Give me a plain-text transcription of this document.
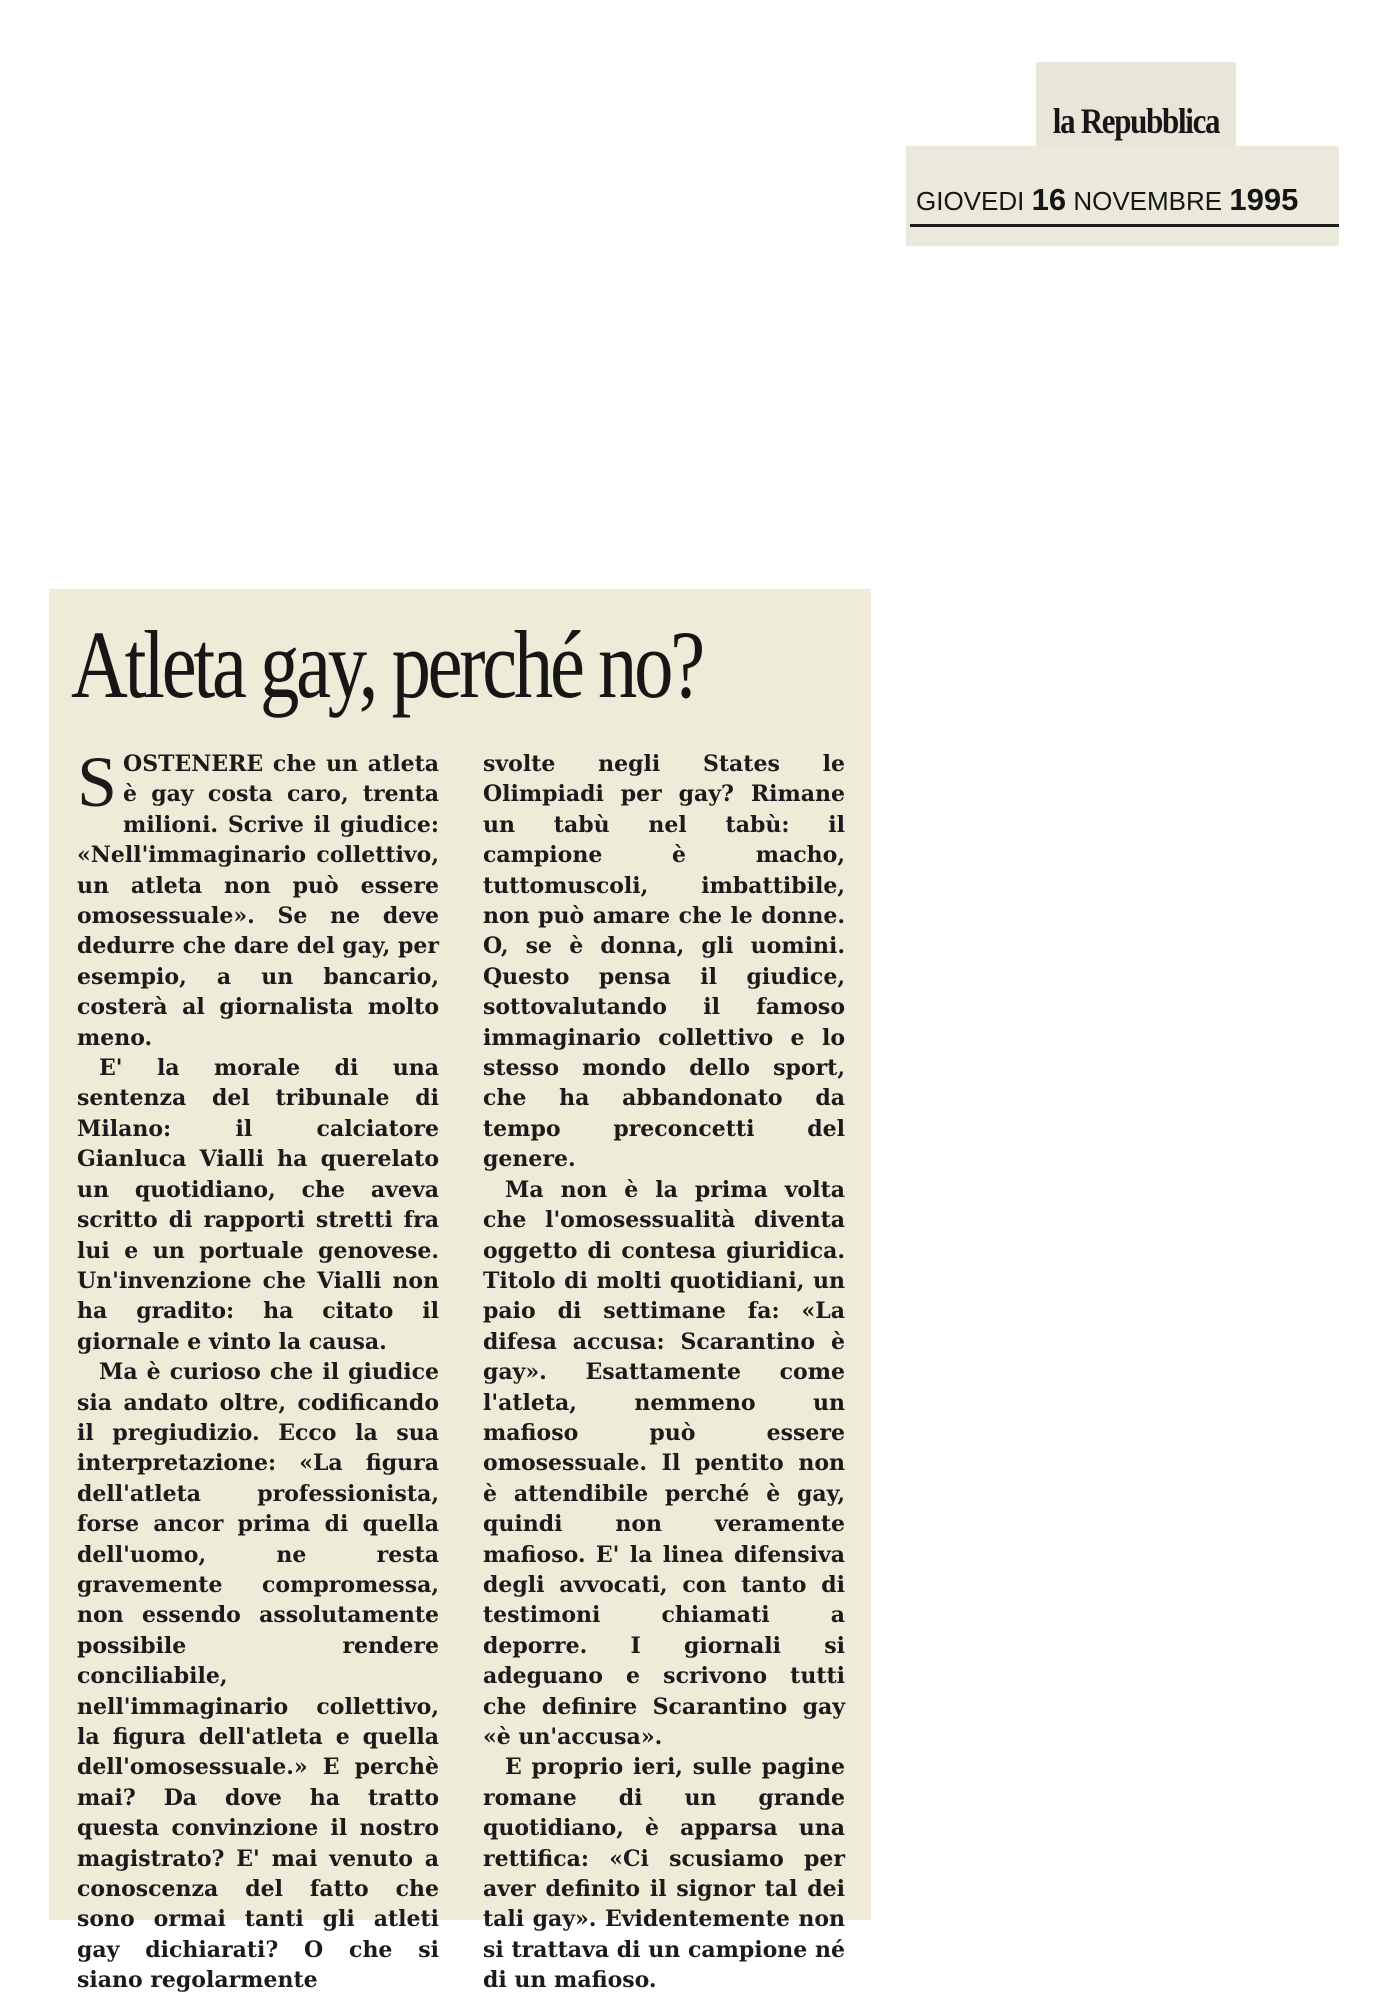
la Repubblica
GIOVEDI 16 NOVEMBRE 1995
Atleta gay, perché no?

SOSTENERE che un atleta è gay costa caro, trenta milioni. Scrive il giudice: «Nell'immaginario collettivo, un atleta non può essere omosessuale». Se ne deve dedurre che dare del gay, per esempio, a un bancario, costerà al giornalista molto meno.

E' la morale di una sentenza del tribunale di Milano: il calciatore Gianluca Vialli ha querelato un quotidiano, che aveva scritto di rapporti stretti fra lui e un portuale genovese. Un'invenzione che Vialli non ha gradito: ha citato il giornale e vinto la causa.

Ma è curioso che il giudice sia andato oltre, codificando il pregiudizio. Ecco la sua interpretazione: «La figura dell'atleta professionista, forse ancor prima di quella dell'uomo, ne resta gravemente compromessa, non essendo assolutamente possibile rendere conciliabile, nell'immaginario collettivo, la figura dell'atleta e quella dell'omosessuale.» E perchè mai? Da dove ha tratto questa convinzione il nostro magistrato? E' mai venuto a conoscenza del fatto che sono ormai tanti gli atleti gay dichiarati? O che si siano regolarmente

svolte negli States le Olimpiadi per gay? Rimane un tabù nel tabù: il campione è macho, tuttomuscoli, imbattibile, non può amare che le donne. O, se è donna, gli uomini. Questo pensa il giudice, sottovalutando il famoso immaginario collettivo e lo stesso mondo dello sport, che ha abbandonato da tempo preconcetti del genere.

Ma non è la prima volta che l'omosessualità diventa oggetto di contesa giuridica. Titolo di molti quotidiani, un paio di settimane fa: «La difesa accusa: Scarantino è gay». Esattamente come l'atleta, nemmeno un mafioso può essere omosessuale. Il pentito non è attendibile perché è gay, quindi non veramente mafioso. E' la linea difensiva degli avvocati, con tanto di testimoni chiamati a deporre. I giornali si adeguano e scrivono tutti che definire Scarantino gay «è un'accusa».

E proprio ieri, sulle pagine romane di un grande quotidiano, è apparsa una rettifica: «Ci scusiamo per aver definito il signor tal dei tali gay». Evidentemente non si trattava di un campione né di un mafioso.
